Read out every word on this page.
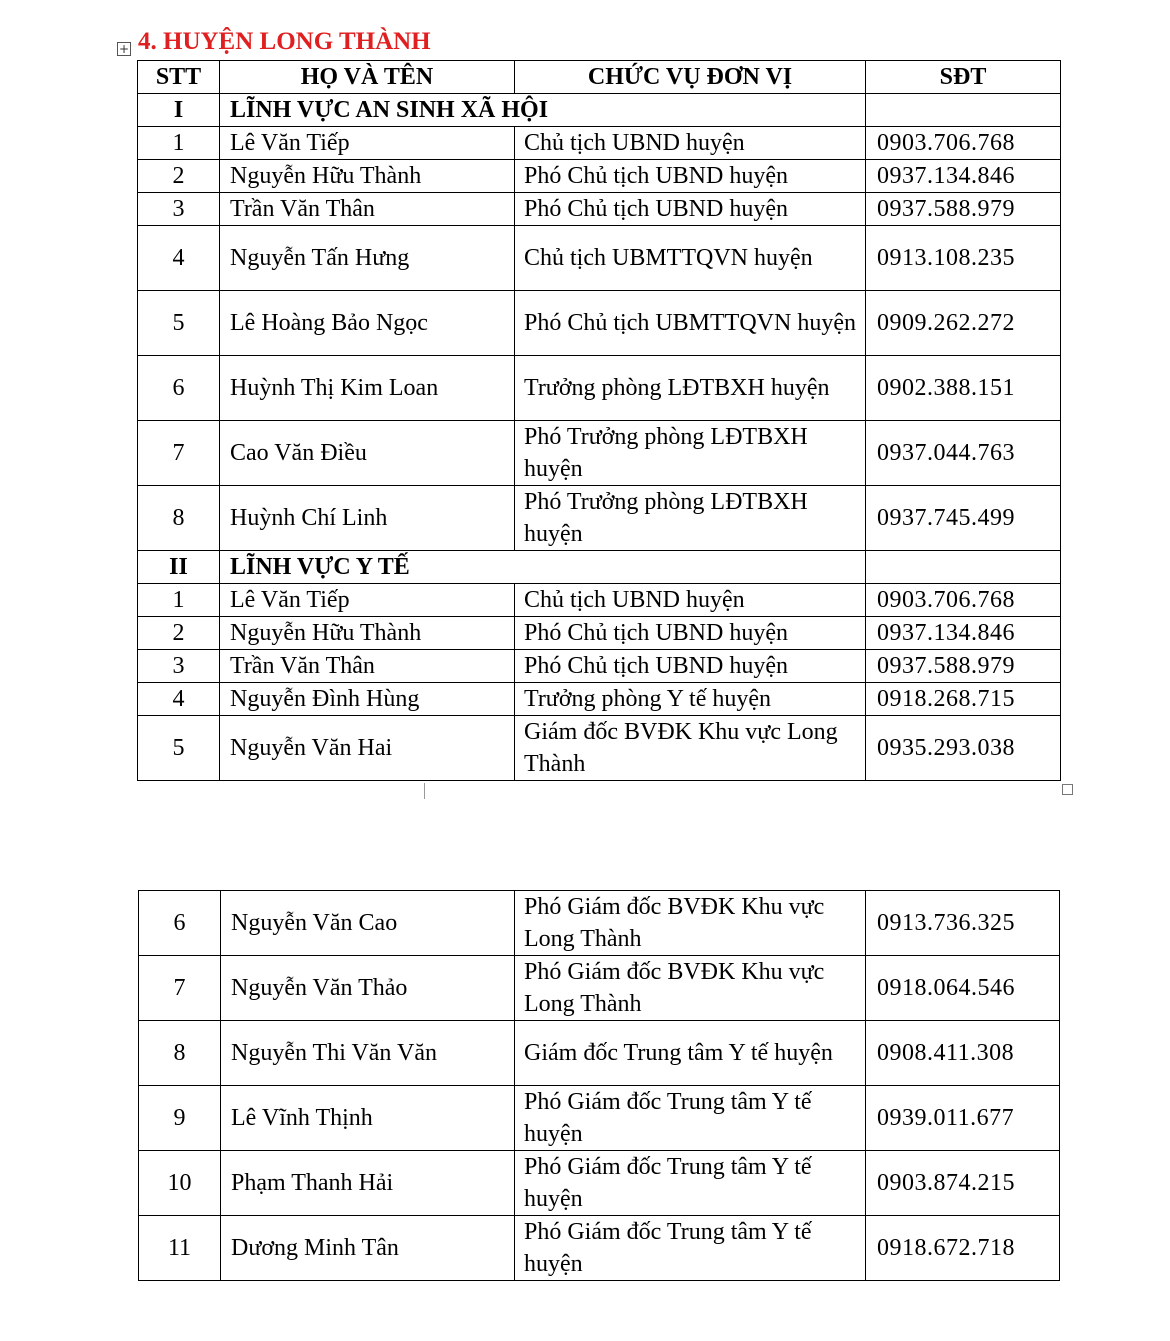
+ 4. HUYỆN LONG THÀNH
STT	HỌ VÀ TÊN	CHỨC VỤ ĐƠN VỊ	SĐT
I	LĨNH VỰC AN SINH XÃ HỘI		
1	Lê Văn Tiếp	Chủ tịch UBND huyện	0903.706.768
2	Nguyễn Hữu Thành	Phó Chủ tịch UBND huyện	0937.134.846
3	Trần Văn Thân	Phó Chủ tịch UBND huyện	0937.588.979
4	Nguyễn Tấn Hưng	Chủ tịch UBMTTQVN huyện	0913.108.235
5	Lê Hoàng Bảo Ngọc	Phó Chủ tịch UBMTTQVN huyện	0909.262.272
6	Huỳnh Thị Kim Loan	Trưởng phòng LĐTBXH huyện	0902.388.151
7	Cao Văn Điều	Phó Trưởng phòng LĐTBXH huyện	0937.044.763
8	Huỳnh Chí Linh	Phó Trưởng phòng LĐTBXH huyện	0937.745.499
II	LĨNH VỰC Y TẾ		
1	Lê Văn Tiếp	Chủ tịch UBND huyện	0903.706.768
2	Nguyễn Hữu Thành	Phó Chủ tịch UBND huyện	0937.134.846
3	Trần Văn Thân	Phó Chủ tịch UBND huyện	0937.588.979
4	Nguyễn Đình Hùng	Trưởng phòng Y tế huyện	0918.268.715
5	Nguyễn Văn Hai	Giám đốc BVĐK Khu vực Long Thành	0935.293.038
6	Nguyễn Văn Cao	Phó Giám đốc BVĐK Khu vực Long Thành	0913.736.325
7	Nguyễn Văn Thảo	Phó Giám đốc BVĐK Khu vực Long Thành	0918.064.546
8	Nguyễn Thi Văn Văn	Giám đốc Trung tâm Y tế huyện	0908.411.308
9	Lê Vĩnh Thịnh	Phó Giám đốc Trung tâm Y tế huyện	0939.011.677
10	Phạm Thanh Hải	Phó Giám đốc Trung tâm Y tế huyện	0903.874.215
11	Dương Minh Tân	Phó Giám đốc Trung tâm Y tế huyện	0918.672.718
